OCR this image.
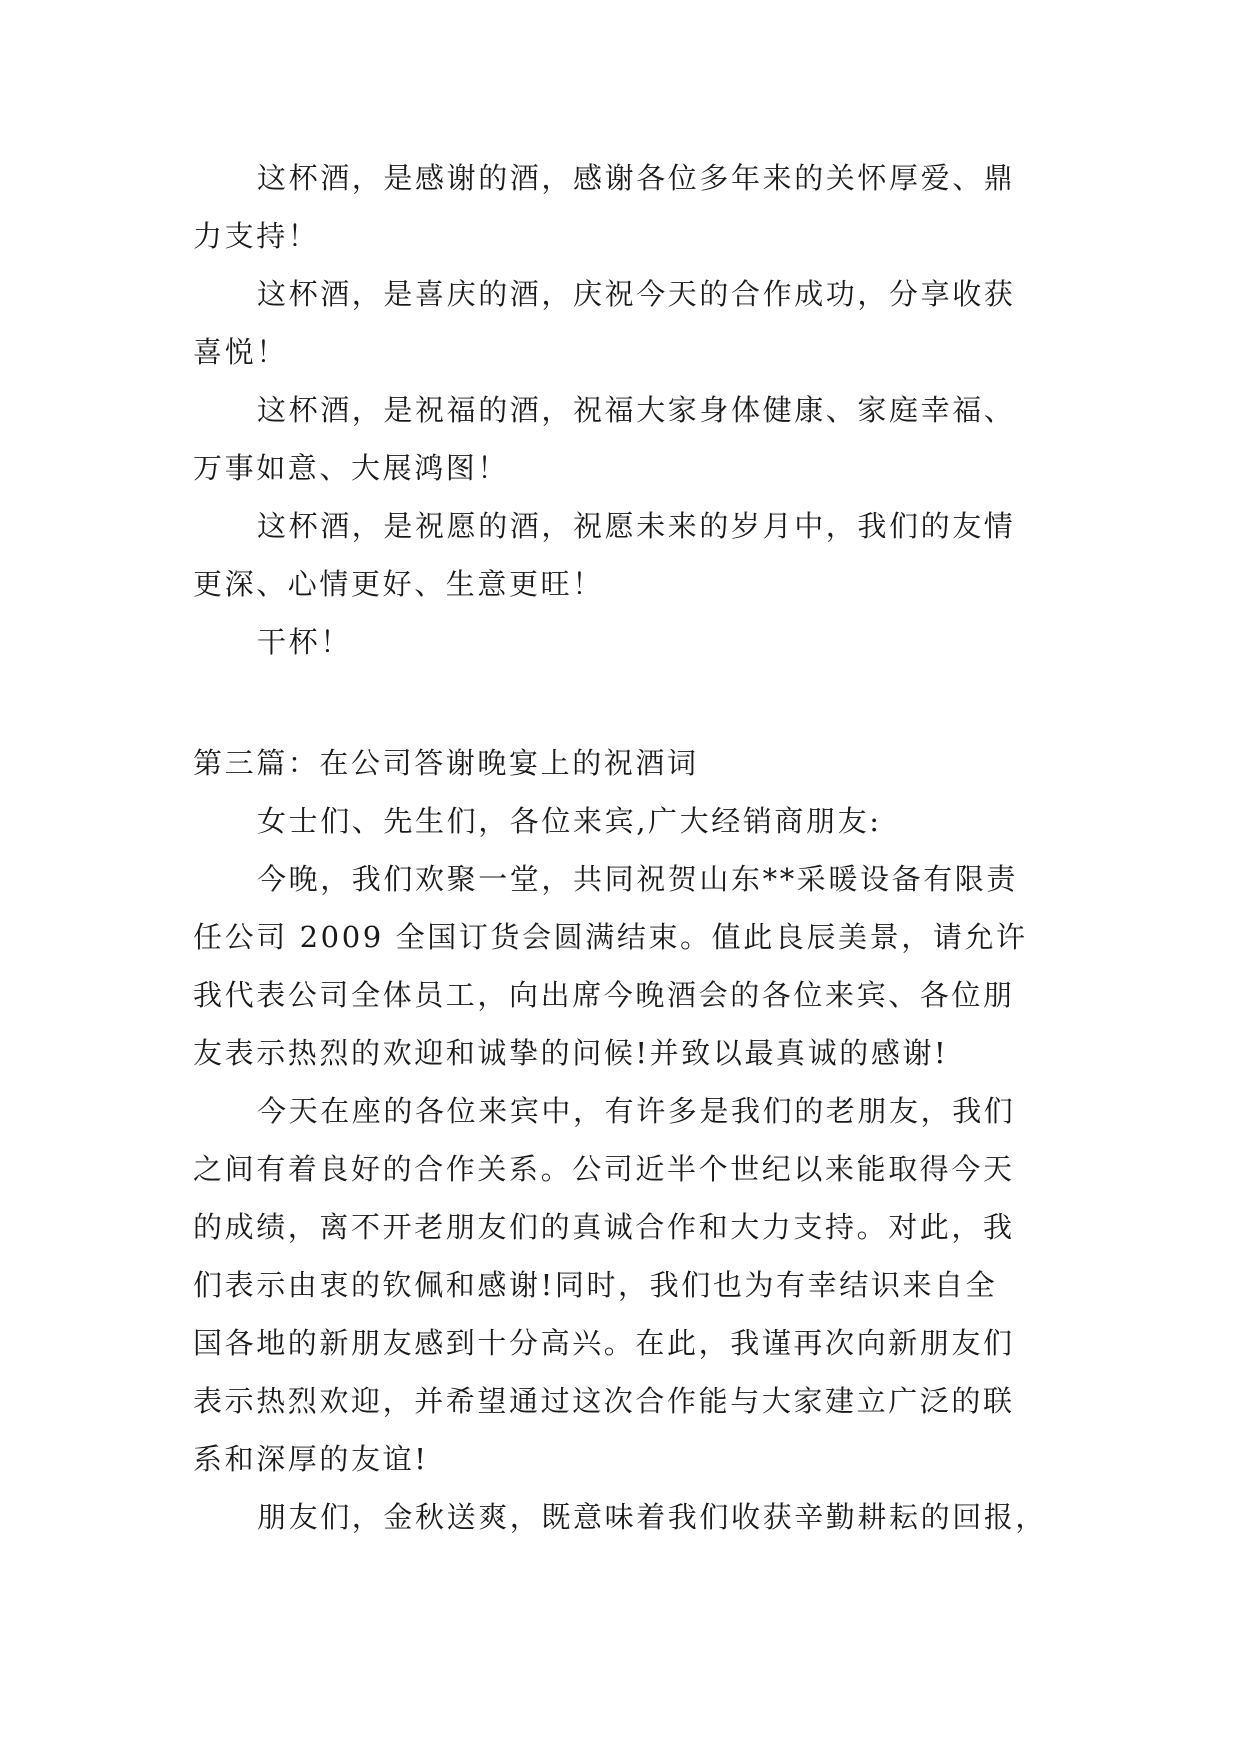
这杯酒，是感谢的酒，感谢各位多年来的关怀厚爱、鼎
力支持！
这杯酒，是喜庆的酒，庆祝今天的合作成功，分享收获
喜悦！
这杯酒，是祝福的酒，祝福大家身体健康、家庭幸福、
万事如意、大展鸿图！
这杯酒，是祝愿的酒，祝愿未来的岁月中，我们的友情
更深、心情更好、生意更旺！
干杯！
第三篇：在公司答谢晚宴上的祝酒词
女士们、先生们，各位来宾,广大经销商朋友:
今晚，我们欢聚一堂，共同祝贺山东**采暖设备有限责
任公司 2009 全国订货会圆满结束。值此良辰美景，请允许
我代表公司全体员工，向出席今晚酒会的各位来宾、各位朋
友表示热烈的欢迎和诚挚的问候!并致以最真诚的感谢!
今天在座的各位来宾中，有许多是我们的老朋友，我们
之间有着良好的合作关系。公司近半个世纪以来能取得今天
的成绩，离不开老朋友们的真诚合作和大力支持。对此，我
们表示由衷的钦佩和感谢!同时，我们也为有幸结识来自全
国各地的新朋友感到十分高兴。在此，我谨再次向新朋友们
表示热烈欢迎，并希望通过这次合作能与大家建立广泛的联
系和深厚的友谊!
朋友们，金秋送爽，既意味着我们收获辛勤耕耘的回报，
